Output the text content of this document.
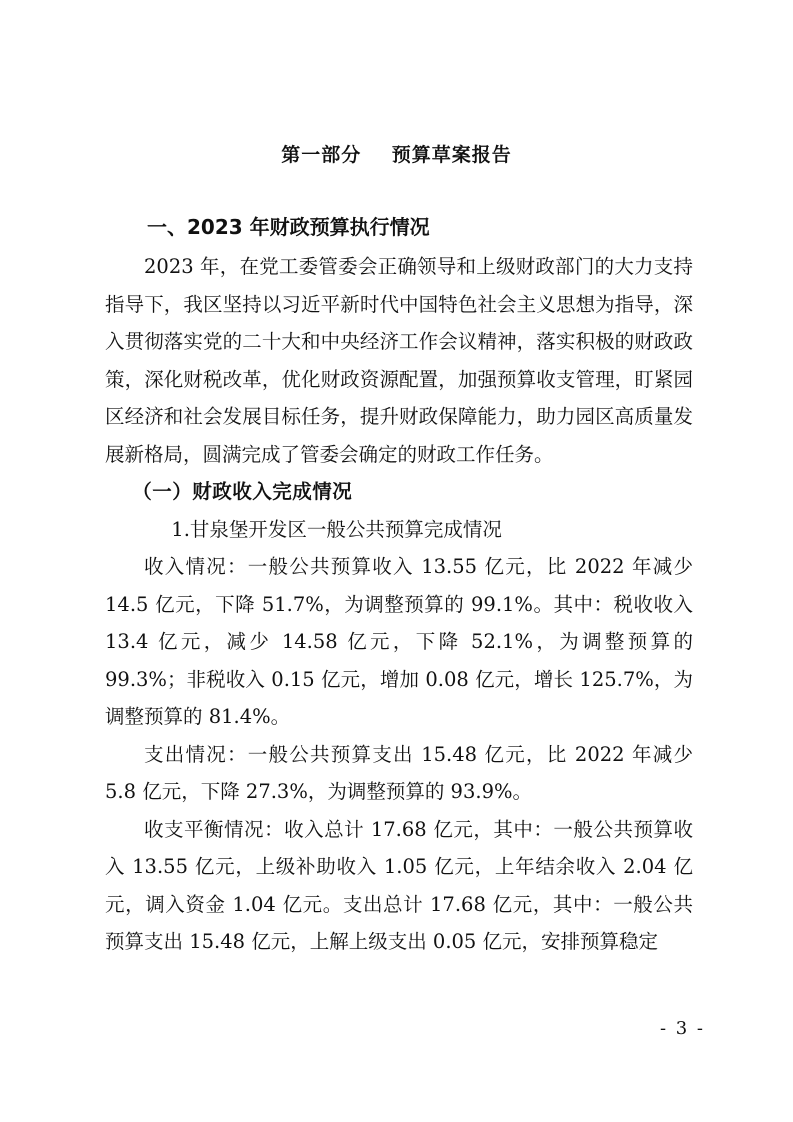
第一部分    预算草案报告
一、2023 年财政预算执行情况

2023 年，在党工委管委会正确领导和上级财政部门的大力支持指导下，我区坚持以习近平新时代中国特色社会主义思想为指导，深入贯彻落实党的二十大和中央经济工作会议精神，落实积极的财政政策，深化财税改革，优化财政资源配置，加强预算收支管理，盯紧园区经济和社会发展目标任务，提升财政保障能力，助力园区高质量发展新格局，圆满完成了管委会确定的财政工作任务。

（一）财政收入完成情况

1.甘泉堡开发区一般公共预算完成情况

收入情况：一般公共预算收入 13.55 亿元，比 2022 年减少 14.5 亿元，下降 51.7%，为调整预算的 99.1%。其中：税收收入 13.4 亿元，减少 14.58 亿元，下降 52.1%，为调整预算的 99.3%；非税收入 0.15 亿元，增加 0.08 亿元，增长 125.7%，为调整预算的 81.4%。

支出情况：一般公共预算支出 15.48 亿元，比 2022 年减少 5.8 亿元，下降 27.3%，为调整预算的 93.9%。

收支平衡情况：收入总计 17.68 亿元，其中：一般公共预算收入 13.55 亿元，上级补助收入 1.05 亿元，上年结余收入 2.04 亿元，调入资金 1.04 亿元。支出总计 17.68 亿元，其中：一般公共预算支出 15.48 亿元，上解上级支出 0.05 亿元，安排预算稳定

- 3 -
